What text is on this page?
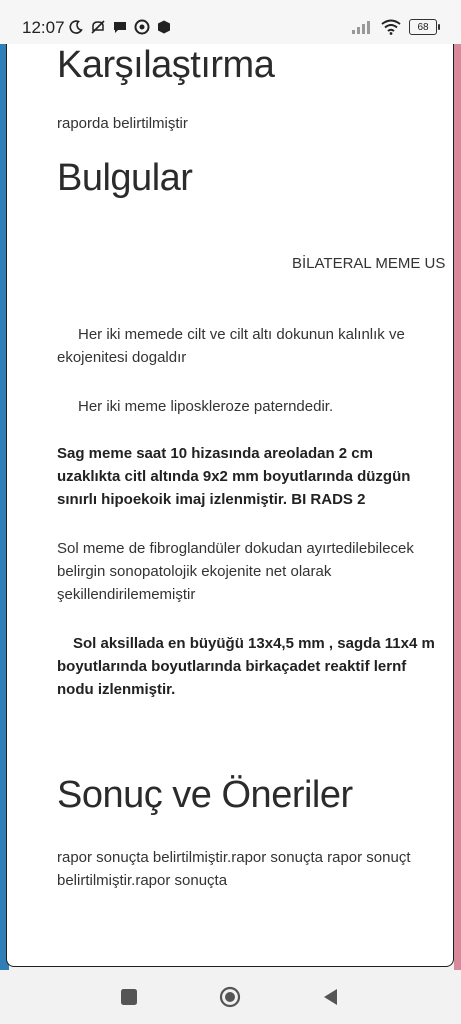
12:07	68
Karşılaştırma
raporda belirtilmiştir
Bulgular
BİLATERAL MEME US
Her iki memede cilt ve cilt altı dokunun kalınlık ve
ekojenitesi dogaldır
Her iki meme liposkleroze paterndedir.
Sag meme saat 10 hizasında areoladan 2 cm
uzaklıkta citl altında 9x2 mm boyutlarında düzgün
sınırlı hipoekoik imaj izlenmiştir. BI RADS 2
Sol meme de fibroglandüler dokudan ayırtedilebilecek
belirgin sonopatolojik ekojenite net olarak
şekillendirilememiştir
Sol aksillada en büyüğü 13x4,5 mm , sagda 11x4 m
boyutlarında boyutlarında birkaçadet reaktif lernf
nodu izlenmiştir.
Sonuç ve Öneriler
rapor sonuçta belirtilmiştir.rapor sonuçta rapor sonuçt
belirtilmiştir.rapor sonuçta
